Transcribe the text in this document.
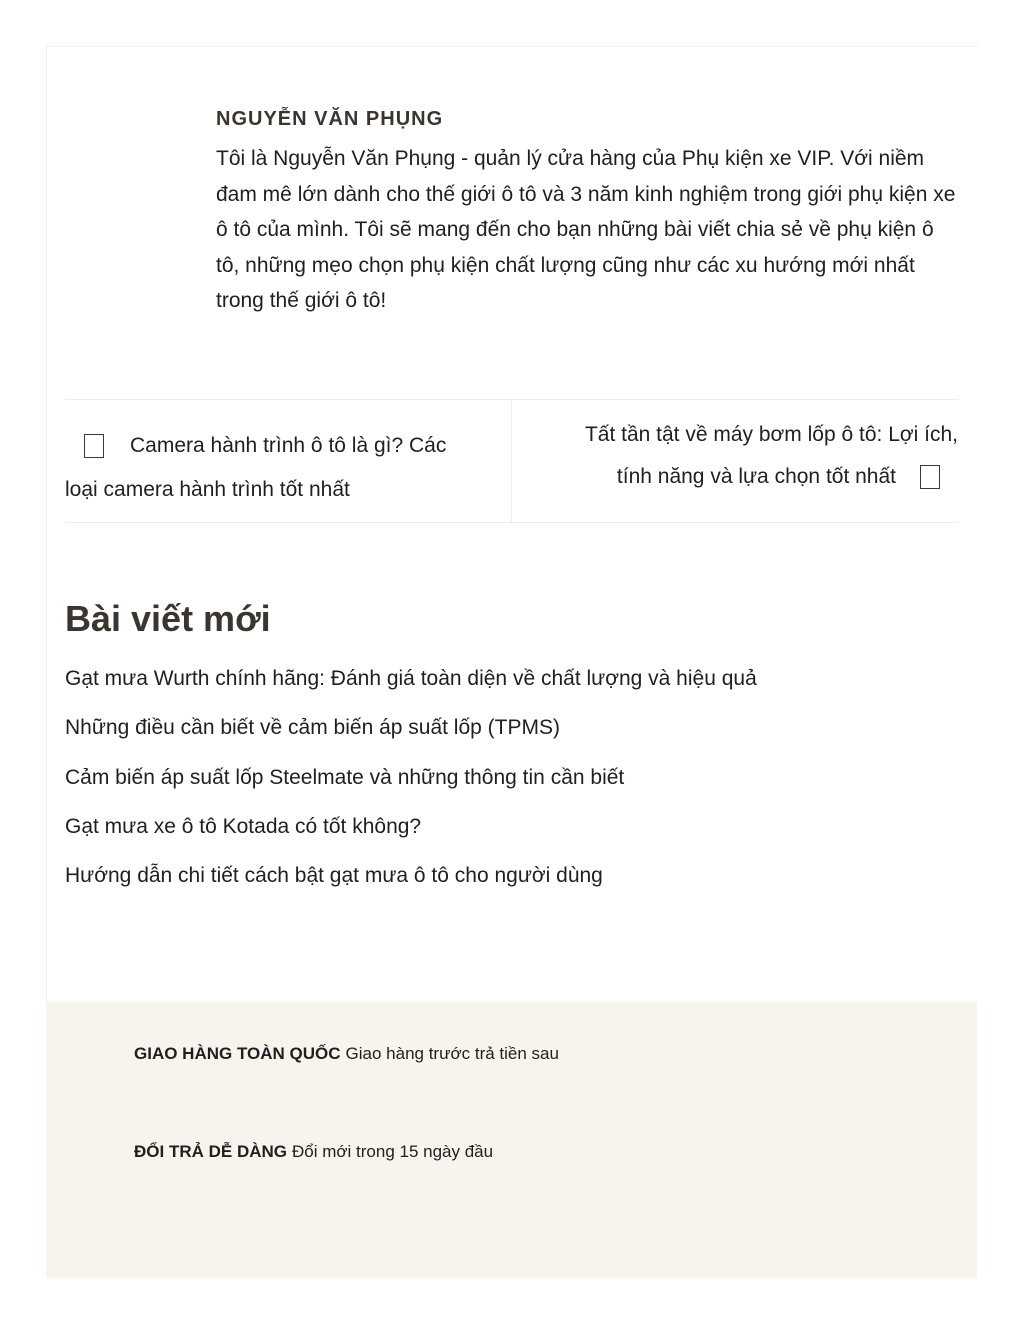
NGUYỄN VĂN PHỤNG

Tôi là Nguyễn Văn Phụng - quản lý cửa hàng của Phụ kiện xe VIP. Với niềm đam mê lớn dành cho thế giới ô tô và 3 năm kinh nghiệm trong giới phụ kiện xe ô tô của mình. Tôi sẽ mang đến cho bạn những bài viết chia sẻ về phụ kiện ô tô, những mẹo chọn phụ kiện chất lượng cũng như các xu hướng mới nhất trong thế giới ô tô!

Camera hành trình ô tô là gì? Các
loại camera hành trình tốt nhất
Tất tần tật về máy bơm lốp ô tô: Lợi ích,
tính năng và lựa chọn tốt nhất
Bài viết mới
Gạt mưa Wurth chính hãng: Đánh giá toàn diện về chất lượng và hiệu quả
Những điều cần biết về cảm biến áp suất lốp (TPMS)
Cảm biến áp suất lốp Steelmate và những thông tin cần biết
Gạt mưa xe ô tô Kotada có tốt không?
Hướng dẫn chi tiết cách bật gạt mưa ô tô cho người dùng
GIAO HÀNG TOÀN QUỐC Giao hàng trước trả tiền sau
ĐỔI TRẢ DỄ DÀNG Đổi mới trong 15 ngày đầu
